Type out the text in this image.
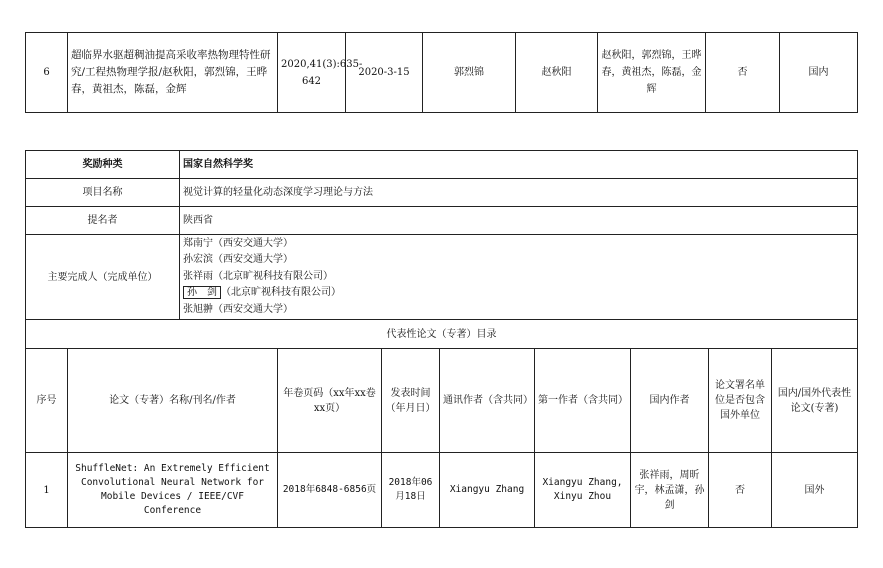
6	超临界水驱超稠油提高采收率热物理特性研究/工程热物理学报/赵秋阳，郭烈锦，王晔春，黄祖杰，陈磊，金辉	2020,41(3):635-642	2020-3-15	郭烈锦	赵秋阳	赵秋阳，郭烈锦，王晔春，黄祖杰，陈磊，金辉	否	国内
奖励种类		国家自然科学奖							
项目名称		视觉计算的轻量化动态深度学习理论与方法							
提名者		陕西省							
主要完成人（完成单位）		郑南宁（西安交通大学）
孙宏滨（西安交通大学）
张祥雨（北京旷视科技有限公司）
孙　剑 （北京旷视科技有限公司）
张旭翀（西安交通大学）							

代表性论文（专著）目录									
序号	论文（专著）名称/刊名/作者		年卷页码（xx年xx卷xx页）	发表时间（年月日）	通讯作者（含共同）	第一作者（含共同）	国内作者	论文署名单位是否包含国外单位	国内/国外代表性论文(专著)
1	ShuffleNet: An Extremely Efficient Convolutional Neural Network for Mobile Devices / IEEE/CVF Conference		2018年6848-6856页	2018年06月18日	Xiangyu Zhang	Xiangyu Zhang, Xinyu Zhou	张祥雨，周昕宇，林孟潇，孙剑	否	国外
